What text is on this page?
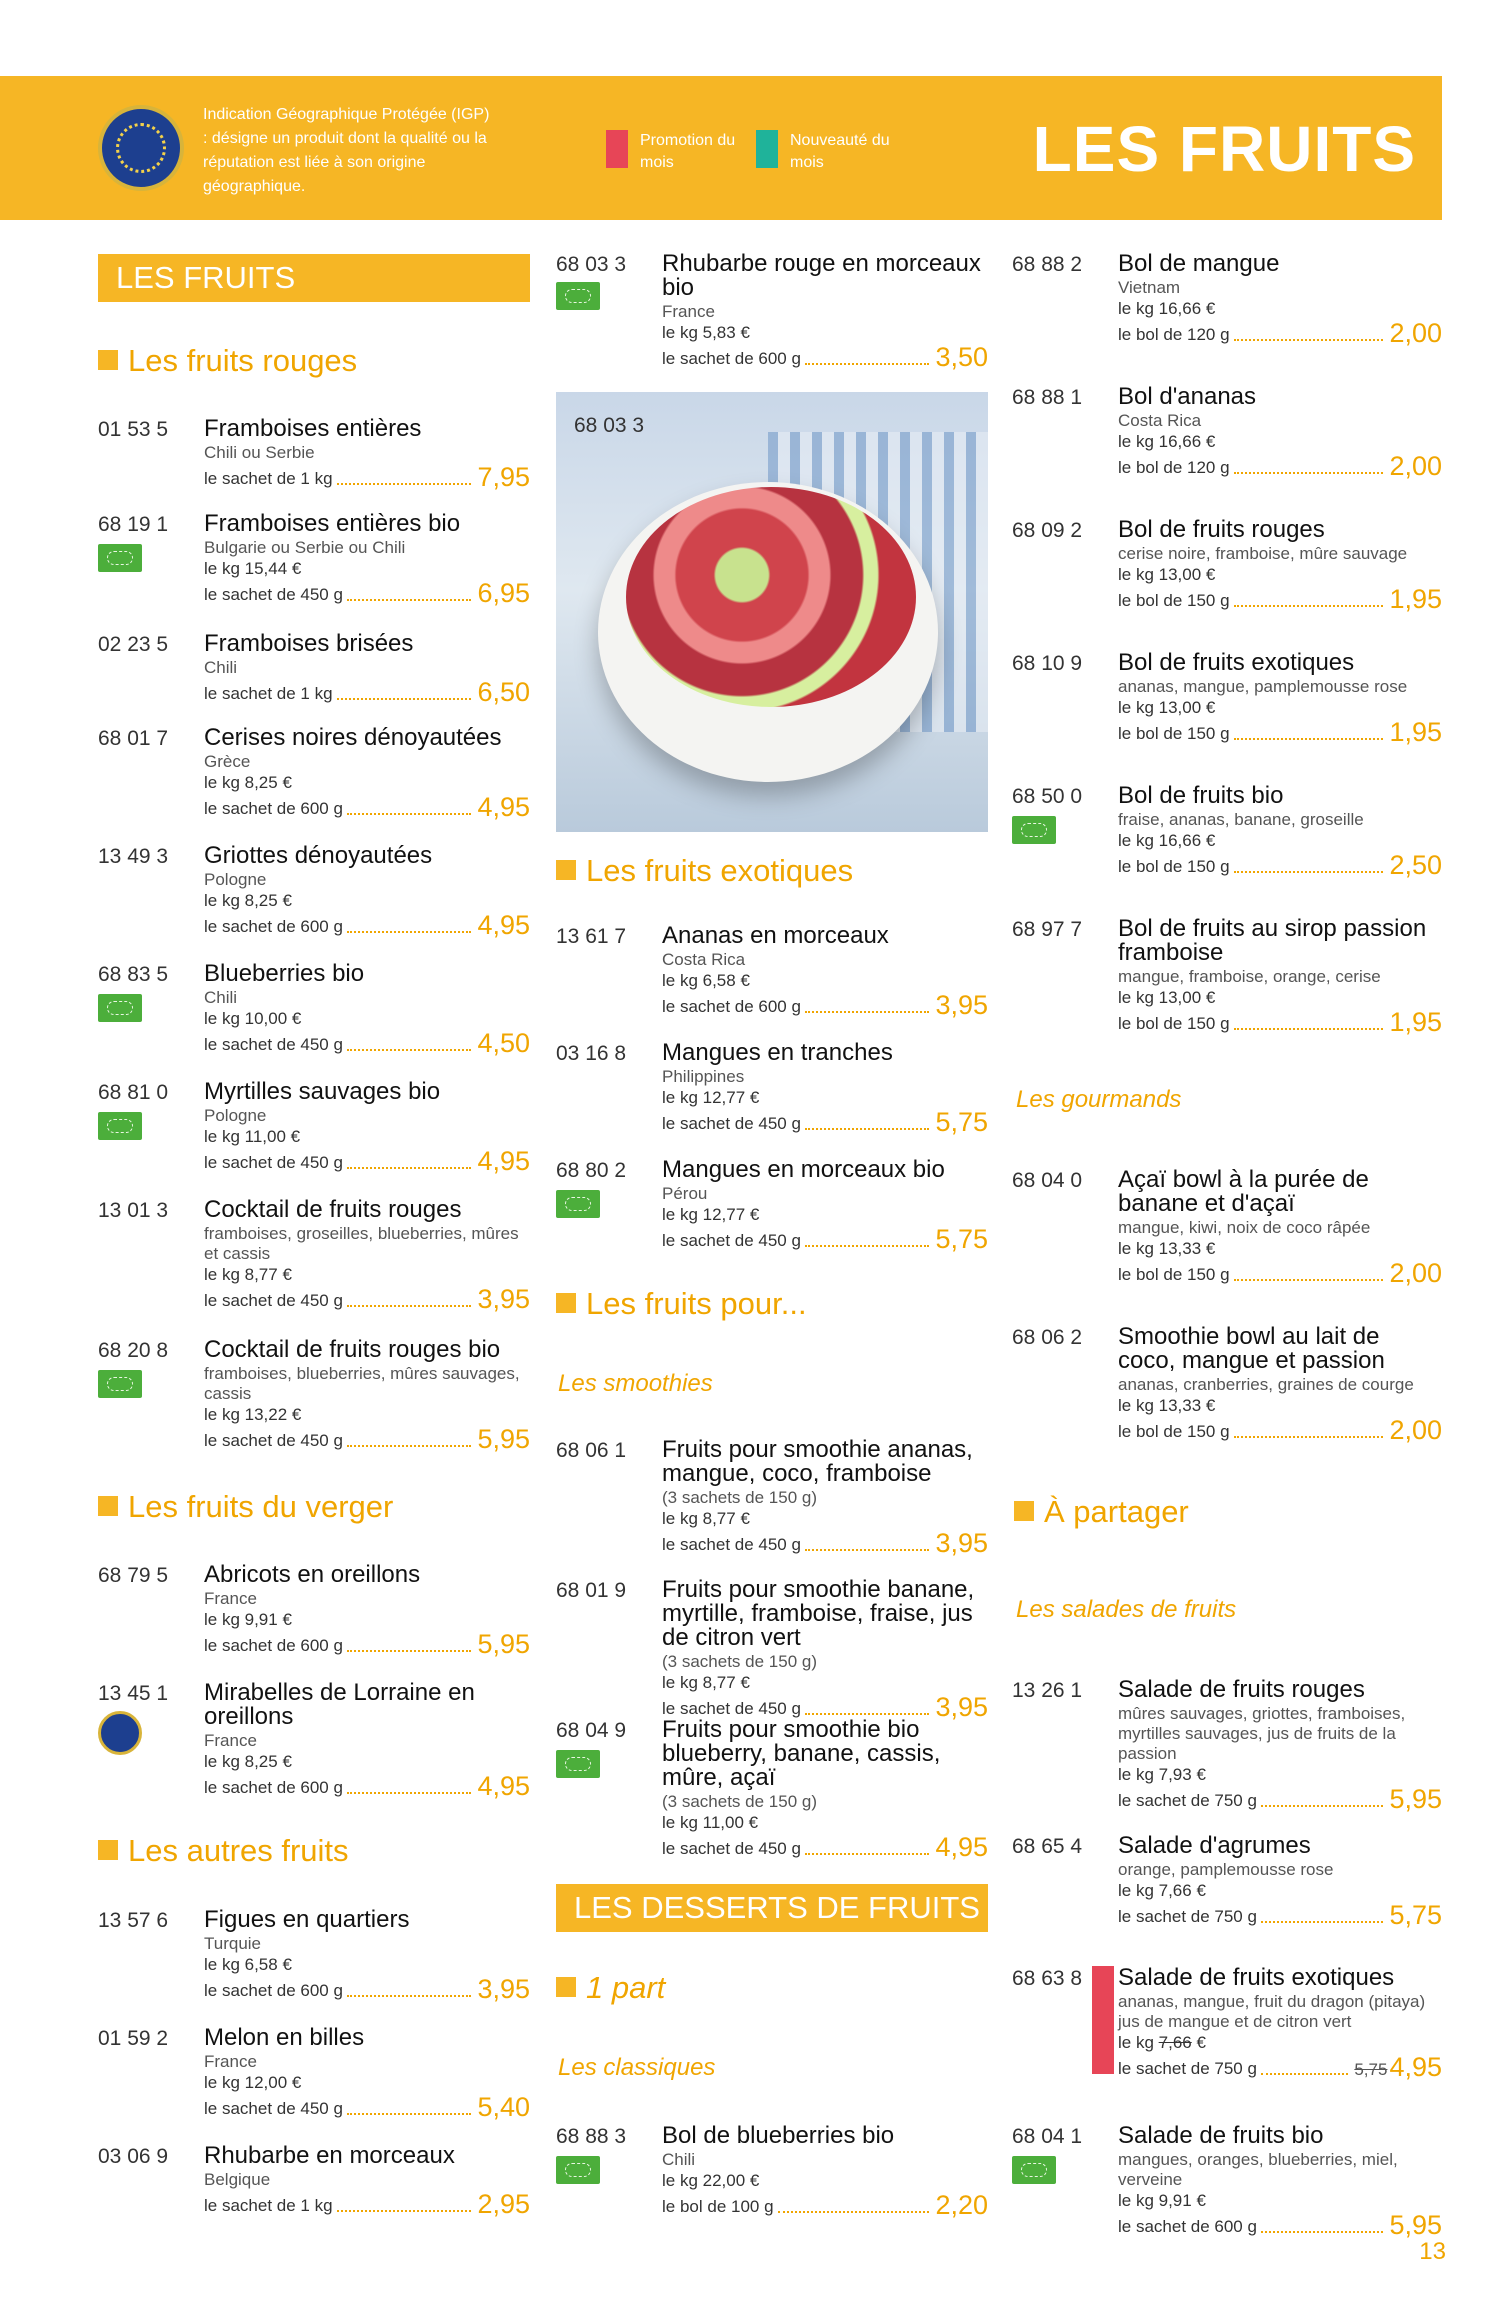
Indication Géographique Protégée (IGP) : désigne un produit dont la qualité ou la réputation est liée à son origine géographique.
Promotion du mois
Nouveauté du mois	LES FRUITS
LES FRUITS
Les fruits rouges
01 53 5 Framboises entières
Chili ou Serbie
le sachet de 1 kg	7,95
68 19 1 Framboises entières bio
Bulgarie ou Serbie ou Chili
le kg 15,44 €
le sachet de 450 g	6,95
02 23 5 Framboises brisées
Chili
le sachet de 1 kg	6,50
68 01 7 Cerises noires dénoyautées
Grèce
le kg 8,25 €
le sachet de 600 g	4,95
13 49 3 Griottes dénoyautées
Pologne
le kg 8,25 €
le sachet de 600 g	4,95
68 83 5 Blueberries bio
Chili
le kg 10,00 €
le sachet de 450 g	4,50
68 81 0 Myrtilles sauvages bio
Pologne
le kg 11,00 €
le sachet de 450 g	4,95
13 01 3 Cocktail de fruits rouges
framboises, groseilles, blueberries, mûres et cassis
le kg 8,77 €
le sachet de 450 g	3,95
68 20 8 Cocktail de fruits rouges bio
framboises, blueberries, mûres sauvages, cassis
le kg 13,22 €
le sachet de 450 g	5,95
Les fruits du verger
68 79 5 Abricots en oreillons
France
le kg 9,91 €
le sachet de 600 g	5,95
13 45 1 Mirabelles de Lorraine en oreillons
France
le kg 8,25 €
le sachet de 600 g	4,95
Les autres fruits
13 57 6 Figues en quartiers
Turquie
le kg 6,58 €
le sachet de 600 g	3,95
01 59 2 Melon en billes
France
le kg 12,00 €
le sachet de 450 g	5,40
03 06 9 Rhubarbe en morceaux
Belgique
le sachet de 1 kg	2,95
68 03 3 Rhubarbe rouge en morceaux bio
France
le kg 5,83 €
le sachet de 600 g	3,50
68 03 3
Les fruits exotiques
13 61 7 Ananas en morceaux
Costa Rica
le kg 6,58 €
le sachet de 600 g	3,95
03 16 8 Mangues en tranches
Philippines
le kg 12,77 €
le sachet de 450 g	5,75
68 80 2 Mangues en morceaux bio
Pérou
le kg 12,77 €
le sachet de 450 g	5,75
Les fruits pour...
Les smoothies
68 06 1 Fruits pour smoothie ananas, mangue, coco, framboise
(3 sachets de 150 g)
le kg 8,77 €
le sachet de 450 g	3,95
68 01 9 Fruits pour smoothie banane, myrtille, framboise, fraise, jus de citron vert
(3 sachets de 150 g)
le kg 8,77 €
le sachet de 450 g	3,95
68 04 9 Fruits pour smoothie bio blueberry, banane, cassis, mûre, açaï
(3 sachets de 150 g)
le kg 11,00 €
le sachet de 450 g	4,95
LES DESSERTS DE FRUITS
1 part
Les classiques
68 88 3 Bol de blueberries bio
Chili
le kg 22,00 €
le bol de 100 g	2,20
68 88 2 Bol de mangue
Vietnam
le kg 16,66 €
le bol de 120 g	2,00
68 88 1 Bol d'ananas
Costa Rica
le kg 16,66 €
le bol de 120 g	2,00
68 09 2 Bol de fruits rouges
cerise noire, framboise, mûre sauvage
le kg 13,00 €
le bol de 150 g	1,95
68 10 9 Bol de fruits exotiques
ananas, mangue, pamplemousse rose
le kg 13,00 €
le bol de 150 g	1,95
68 50 0 Bol de fruits bio
fraise, ananas, banane, groseille
le kg 16,66 €
le bol de 150 g	2,50
68 97 7 Bol de fruits au sirop passion framboise
mangue, framboise, orange, cerise
le kg 13,00 €
le bol de 150 g	1,95
Les gourmands
68 04 0 Açaï bowl à la purée de banane et d'açaï
mangue, kiwi, noix de coco râpée
le kg 13,33 €
le bol de 150 g	2,00
68 06 2 Smoothie bowl au lait de coco, mangue et passion
ananas, cranberries, graines de courge
le kg 13,33 €
le bol de 150 g	2,00
À partager
Les salades de fruits
13 26 1 Salade de fruits rouges
mûres sauvages, griottes, framboises, myrtilles sauvages, jus de fruits de la passion
le kg 7,93 €
le sachet de 750 g	5,95
68 65 4 Salade d'agrumes
orange, pamplemousse rose
le kg 7,66 €
le sachet de 750 g	5,75
68 63 8 Salade de fruits exotiques
ananas, mangue, fruit du dragon (pitaya) jus de mangue et de citron vert
le kg 7,66 €
le sachet de 750 g	5,75 4,95
68 04 1 Salade de fruits bio
mangues, oranges, blueberries, miel, verveine
le kg 9,91 €
le sachet de 600 g	5,95
13
